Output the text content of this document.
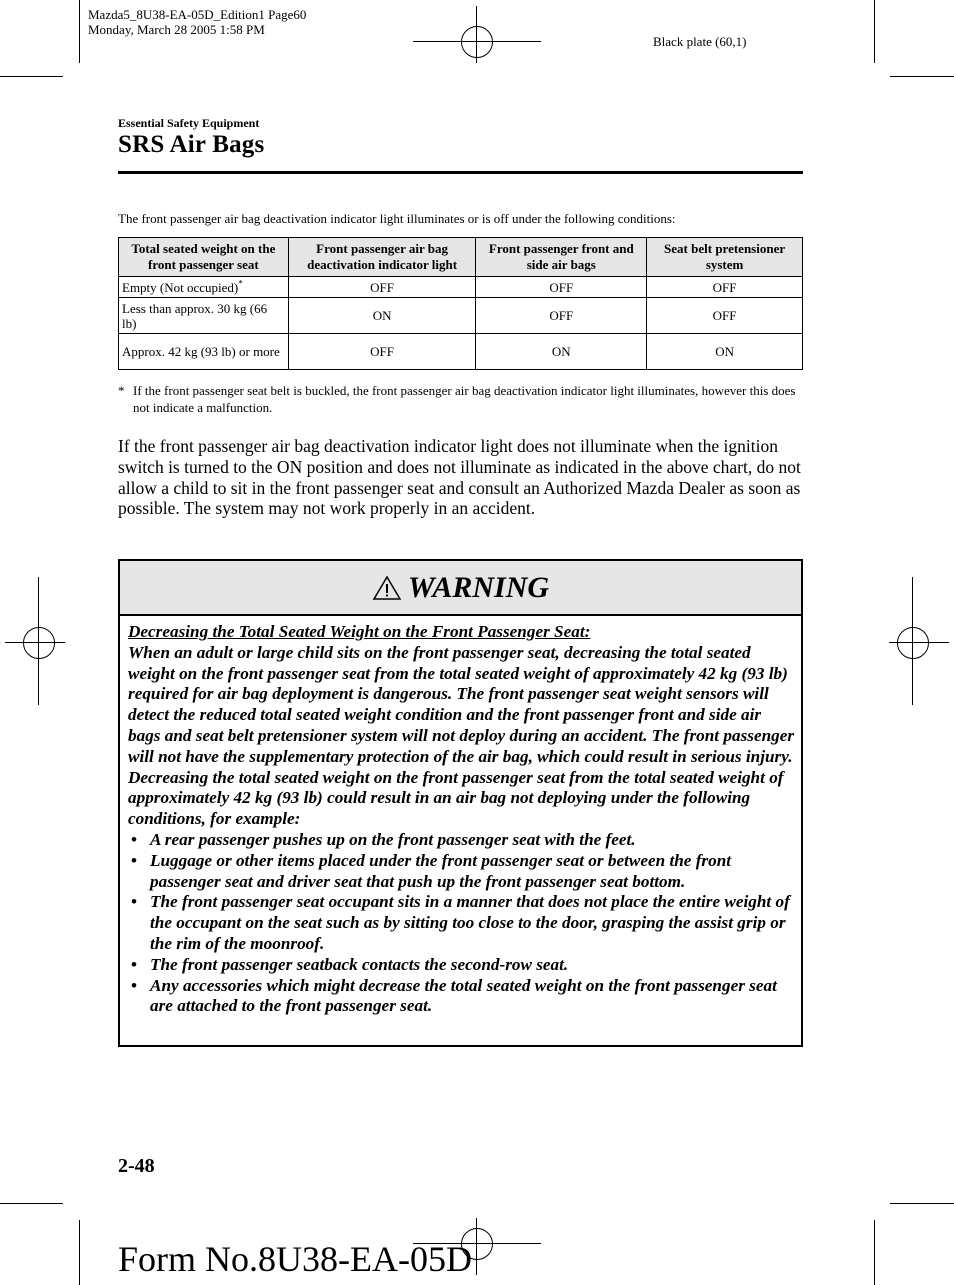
Mazda5_8U38-EA-05D_Edition1 Page60
Monday, March 28 2005 1:58 PM
Black plate (60,1)
Essential Safety Equipment
SRS Air Bags
The front passenger air bag deactivation indicator light illuminates or is off under the following conditions:
Total seated weight on the front passenger seat	Front passenger air bag deactivation indicator light	Front passenger front and side air bags	Seat belt pretensioner system
Empty (Not occupied)*	OFF	OFF	OFF
Less than approx. 30 kg (66 lb)	ON	OFF	OFF
Approx. 42 kg (93 lb) or more	OFF	ON	ON
* If the front passenger seat belt is buckled, the front passenger air bag deactivation indicator light illuminates, however this does not indicate a malfunction.
If the front passenger air bag deactivation indicator light does not illuminate when the ignition switch is turned to the ON position and does not illuminate as indicated in the above chart, do not allow a child to sit in the front passenger seat and consult an Authorized Mazda Dealer as soon as possible. The system may not work properly in an accident.
WARNING
Decreasing the Total Seated Weight on the Front Passenger Seat:
When an adult or large child sits on the front passenger seat, decreasing the total seated weight on the front passenger seat from the total seated weight of approximately 42 kg (93 lb) required for air bag deployment is dangerous. The front passenger seat weight sensors will detect the reduced total seated weight condition and the front passenger front and side air bags and seat belt pretensioner system will not deploy during an accident. The front passenger will not have the supplementary protection of the air bag, which could result in serious injury. Decreasing the total seated weight on the front passenger seat from the total seated weight of approximately 42 kg (93 lb) could result in an air bag not deploying under the following conditions, for example:
• A rear passenger pushes up on the front passenger seat with the feet.
• Luggage or other items placed under the front passenger seat or between the front passenger seat and driver seat that push up the front passenger seat bottom.
• The front passenger seat occupant sits in a manner that does not place the entire weight of the occupant on the seat such as by sitting too close to the door, grasping the assist grip or the rim of the moonroof.
• The front passenger seatback contacts the second-row seat.
• Any accessories which might decrease the total seated weight on the front passenger seat are attached to the front passenger seat.
2-48
Form No.8U38-EA-05D
